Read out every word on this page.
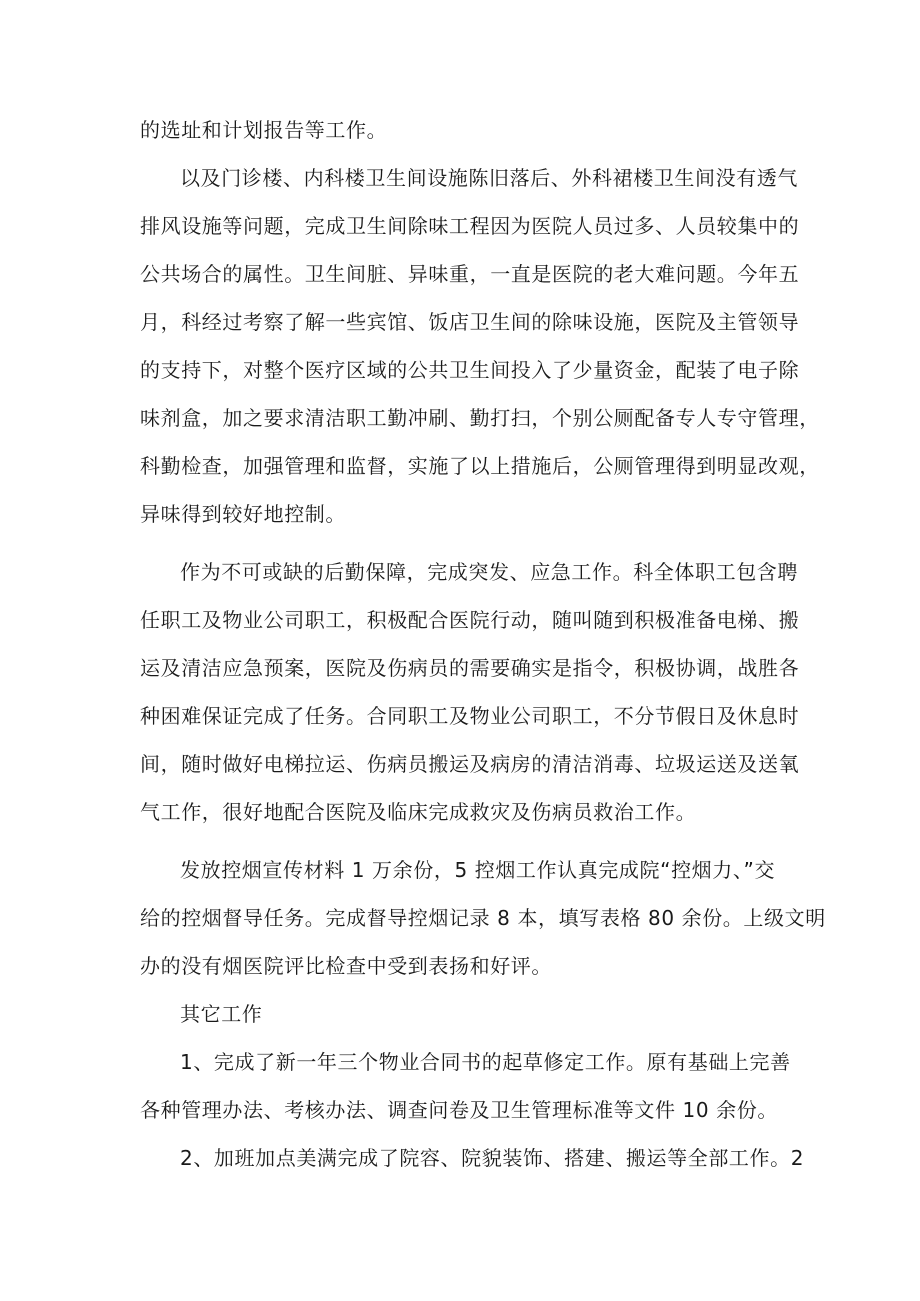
的选址和计划报告等工作。
以及门诊楼、内科楼卫生间设施陈旧落后、外科裙楼卫生间没有透气
排风设施等问题，完成卫生间除味工程因为医院人员过多、人员较集中的
公共场合的属性。卫生间脏、异味重，一直是医院的老大难问题。今年五
月，科经过考察了解一些宾馆、饭店卫生间的除味设施，医院及主管领导
的支持下，对整个医疗区域的公共卫生间投入了少量资金，配装了电子除
味剂盒，加之要求清洁职工勤冲刷、勤打扫，个别公厕配备专人专守管理，
科勤检查，加强管理和监督，实施了以上措施后，公厕管理得到明显改观，
异味得到较好地控制。
作为不可或缺的后勤保障，完成突发、应急工作。科全体职工包含聘
任职工及物业公司职工，积极配合医院行动，随叫随到积极准备电梯、搬
运及清洁应急预案，医院及伤病员的需要确实是指令，积极协调，战胜各
种困难保证完成了任务。合同职工及物业公司职工，不分节假日及休息时
间，随时做好电梯拉运、伤病员搬运及病房的清洁消毒、垃圾运送及送氧
气工作，很好地配合医院及临床完成救灾及伤病员救治工作。
发放控烟宣传材料 1 万余份，5 控烟工作认真完成院“控烟力、”交
给的控烟督导任务。完成督导控烟记录 8 本，填写表格 80 余份。上级文明
办的没有烟医院评比检查中受到表扬和好评。
其它工作
1、完成了新一年三个物业合同书的起草修定工作。原有基础上完善
各种管理办法、考核办法、调查问卷及卫生管理标准等文件 10 余份。
2、加班加点美满完成了院容、院貌装饰、搭建、搬运等全部工作。2
